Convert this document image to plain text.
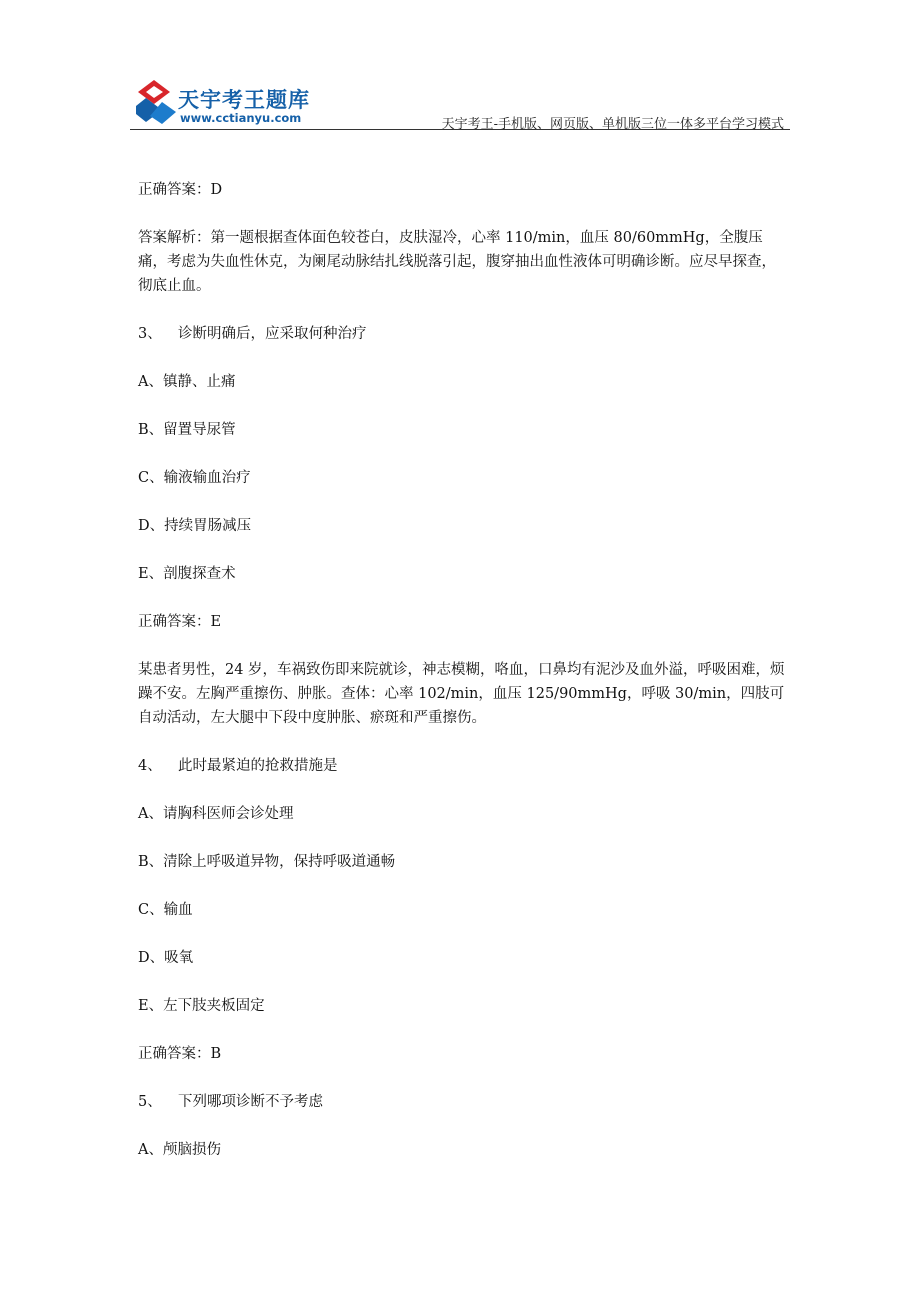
天宇考王题库
www.cctianyu.com	天宇考王-手机版、网页版、单机版三位一体多平台学习模式

正确答案：D

答案解析：第一题根据查体面色较苍白，皮肤湿冷，心率 110/min，血压 80/60mmHg，全腹压痛，考虑为失血性休克，为阑尾动脉结扎线脱落引起，腹穿抽出血性液体可明确诊断。应尽早探查，彻底止血。

3、 诊断明确后，应采取何种治疗

A、镇静、止痛

B、留置导尿管

C、输液输血治疗

D、持续胃肠减压

E、剖腹探查术

正确答案：E

某患者男性，24 岁，车祸致伤即来院就诊，神志模糊，咯血，口鼻均有泥沙及血外溢，呼吸困难，烦躁不安。左胸严重擦伤、肿胀。查体：心率 102/min，血压 125/90mmHg，呼吸 30/min，四肢可自动活动，左大腿中下段中度肿胀、瘀斑和严重擦伤。

4、 此时最紧迫的抢救措施是

A、请胸科医师会诊处理

B、清除上呼吸道异物，保持呼吸道通畅

C、输血

D、吸氧

E、左下肢夹板固定

正确答案：B

5、 下列哪项诊断不予考虑

A、颅脑损伤
